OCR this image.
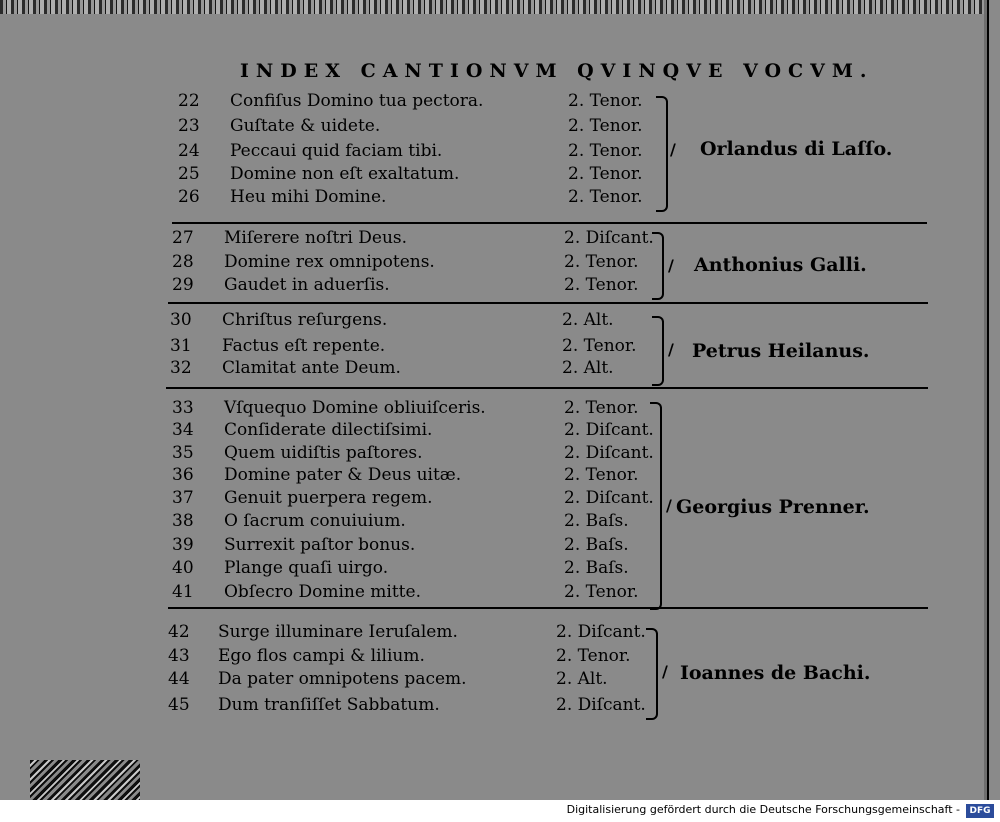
INDEX CANTIONVM QVINQVE VOCVM.
22	Confiſus Domino tua pectora.	2. Tenor.
23	Guſtate & uidete.	2. Tenor.
24	Peccaui quid faciam tibi.	2. Tenor.
25	Domine non eſt exaltatum.	2. Tenor.
26	Heu mihi Domine.	2. Tenor.
/ Orlandus di Laſſo.
27	Miſerere noſtri Deus.	2. Diſcant.
28	Domine rex omnipotens.	2. Tenor.
29	Gaudet in aduerſis.	2. Tenor.
/ Anthonius Galli.
30	Chriſtus reſurgens.	2. Alt.
31	Factus eſt repente.	2. Tenor.
32	Clamitat ante Deum.	2. Alt.
/ Petrus Heilanus.
33	Vſquequo Domine obliuiſceris.	2. Tenor.
34	Conſiderate dilectiſsimi.	2. Diſcant.
35	Quem uidiſtis paſtores.	2. Diſcant.
36	Domine pater & Deus uitæ.	2. Tenor.
37	Genuit puerpera regem.	2. Diſcant.
38	O ſacrum conuiuium.	2. Baſs.
39	Surrexit paſtor bonus.	2. Baſs.
40	Plange quaſi uirgo.	2. Baſs.
41	Obſecro Domine mitte.	2. Tenor.
/ Georgius Prenner.
42	Surge illuminare Ieruſalem.	2. Diſcant.
43	Ego flos campi & lilium.	2. Tenor.
44	Da pater omnipotens pacem.	2. Alt.
45	Dum tranſiſſet Sabbatum.	2. Diſcant.
/ Ioannes de Bachi.
Digitalisierung gefördert durch die Deutsche Forschungsgemeinschaft -	DFG
